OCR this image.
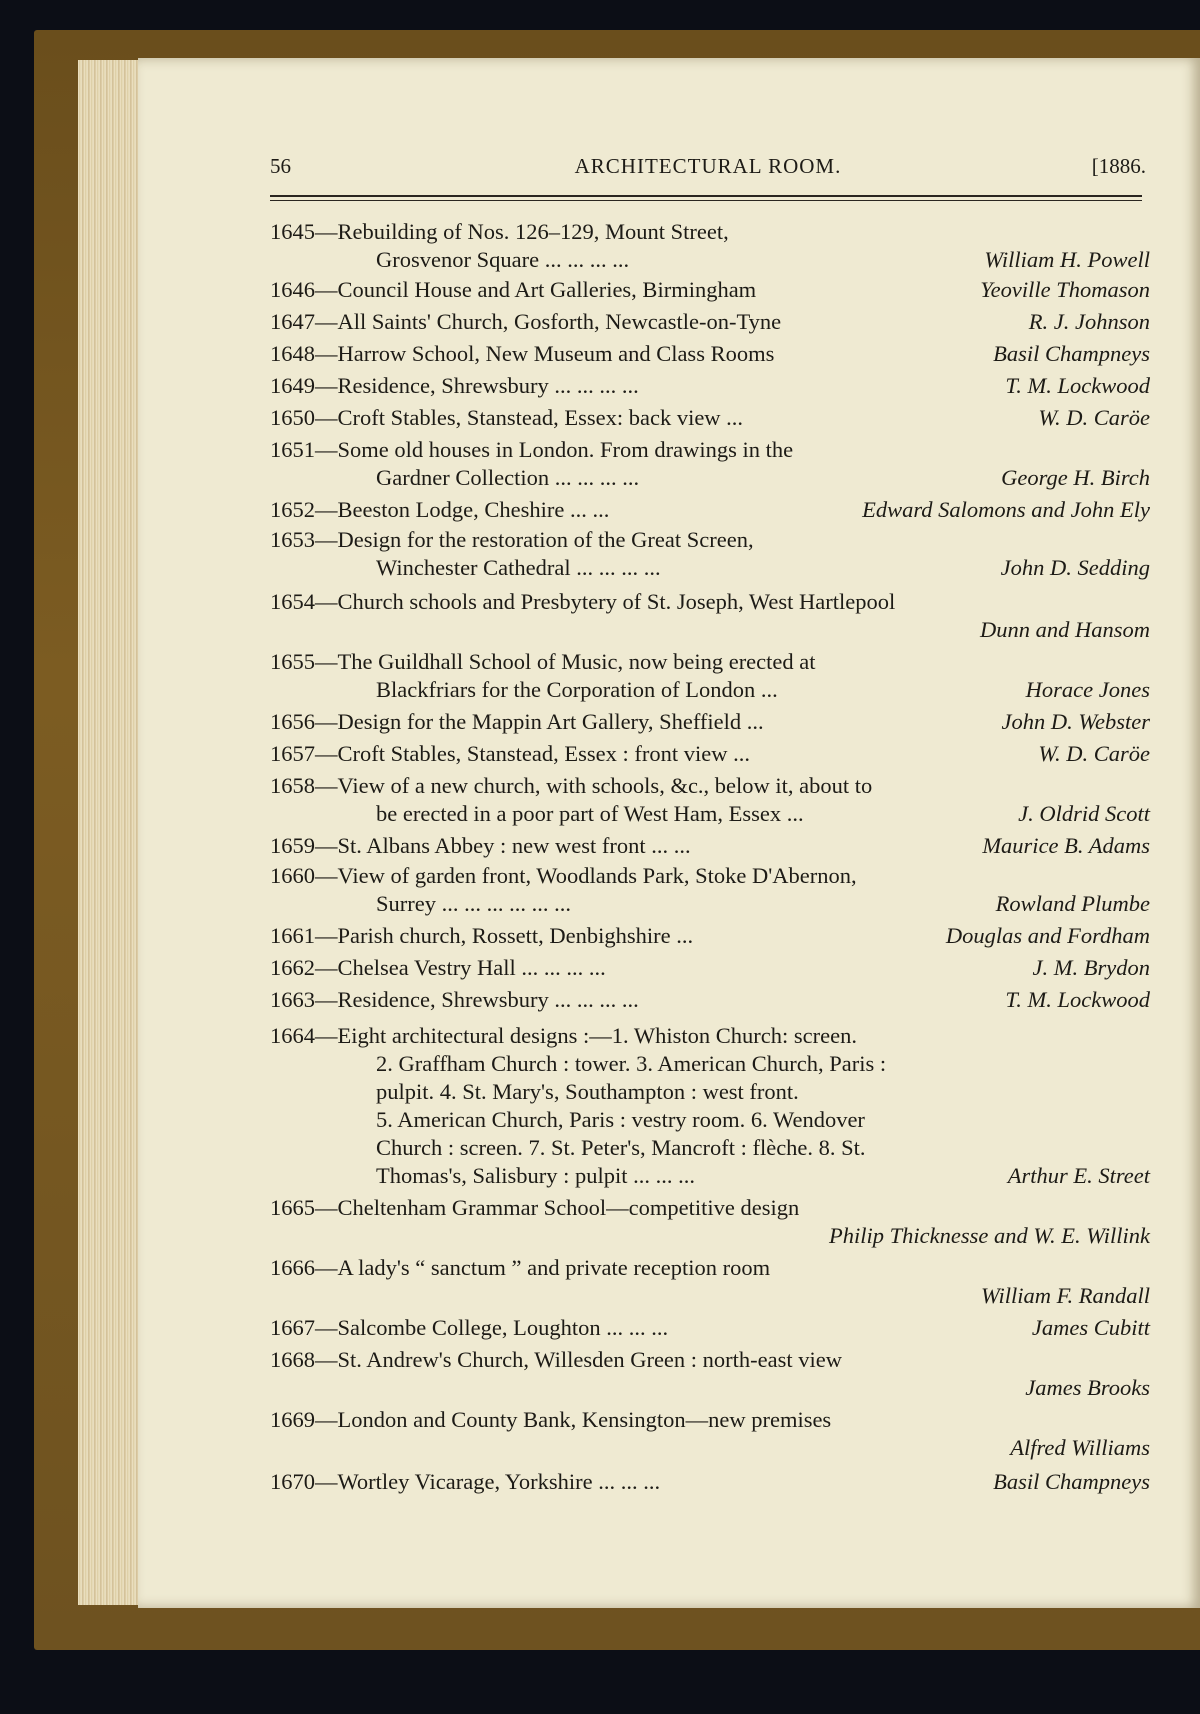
56	ARCHITECTURAL ROOM.	[1886.
1645—Rebuilding of Nos. 126–129, Mount Street,
Grosvenor Square ... ... ... ...	William H. Powell
1646—Council House and Art Galleries, Birmingham	Yeoville Thomason
1647—All Saints' Church, Gosforth, Newcastle-on-Tyne	R. J. Johnson
1648—Harrow School, New Museum and Class Rooms	Basil Champneys
1649—Residence, Shrewsbury ... ... ... ...	T. M. Lockwood
1650—Croft Stables, Stanstead, Essex: back view ...	W. D. Caröe
1651—Some old houses in London. From drawings in the
Gardner Collection ... ... ... ...	George H. Birch
1652—Beeston Lodge, Cheshire ... ...	Edward Salomons and John Ely
1653—Design for the restoration of the Great Screen,
Winchester Cathedral ... ... ... ...	John D. Sedding
1654—Church schools and Presbytery of St. Joseph, West Hartlepool
Dunn and Hansom
1655—The Guildhall School of Music, now being erected at
Blackfriars for the Corporation of London ...	Horace Jones
1656—Design for the Mappin Art Gallery, Sheffield ...	John D. Webster
1657—Croft Stables, Stanstead, Essex : front view ...	W. D. Caröe
1658—View of a new church, with schools, &c., below it, about to
be erected in a poor part of West Ham, Essex ...	J. Oldrid Scott
1659—St. Albans Abbey : new west front ... ...	Maurice B. Adams
1660—View of garden front, Woodlands Park, Stoke D'Abernon,
Surrey ... ... ... ... ... ...	Rowland Plumbe
1661—Parish church, Rossett, Denbighshire ...	Douglas and Fordham
1662—Chelsea Vestry Hall ... ... ... ...	J. M. Brydon
1663—Residence, Shrewsbury ... ... ... ...	T. M. Lockwood
1664—Eight architectural designs :—1. Whiston Church: screen.
2. Graffham Church : tower. 3. American Church, Paris :
pulpit. 4. St. Mary's, Southampton : west front.
5. American Church, Paris : vestry room. 6. Wendover
Church : screen. 7. St. Peter's, Mancroft : flèche. 8. St.
Thomas's, Salisbury : pulpit ... ... ...	Arthur E. Street
1665—Cheltenham Grammar School—competitive design
Philip Thicknesse and W. E. Willink
1666—A lady's “ sanctum ” and private reception room
William F. Randall
1667—Salcombe College, Loughton ... ... ...	James Cubitt
1668—St. Andrew's Church, Willesden Green : north-east view
James Brooks
1669—London and County Bank, Kensington—new premises
Alfred Williams
1670—Wortley Vicarage, Yorkshire ... ... ...	Basil Champneys
